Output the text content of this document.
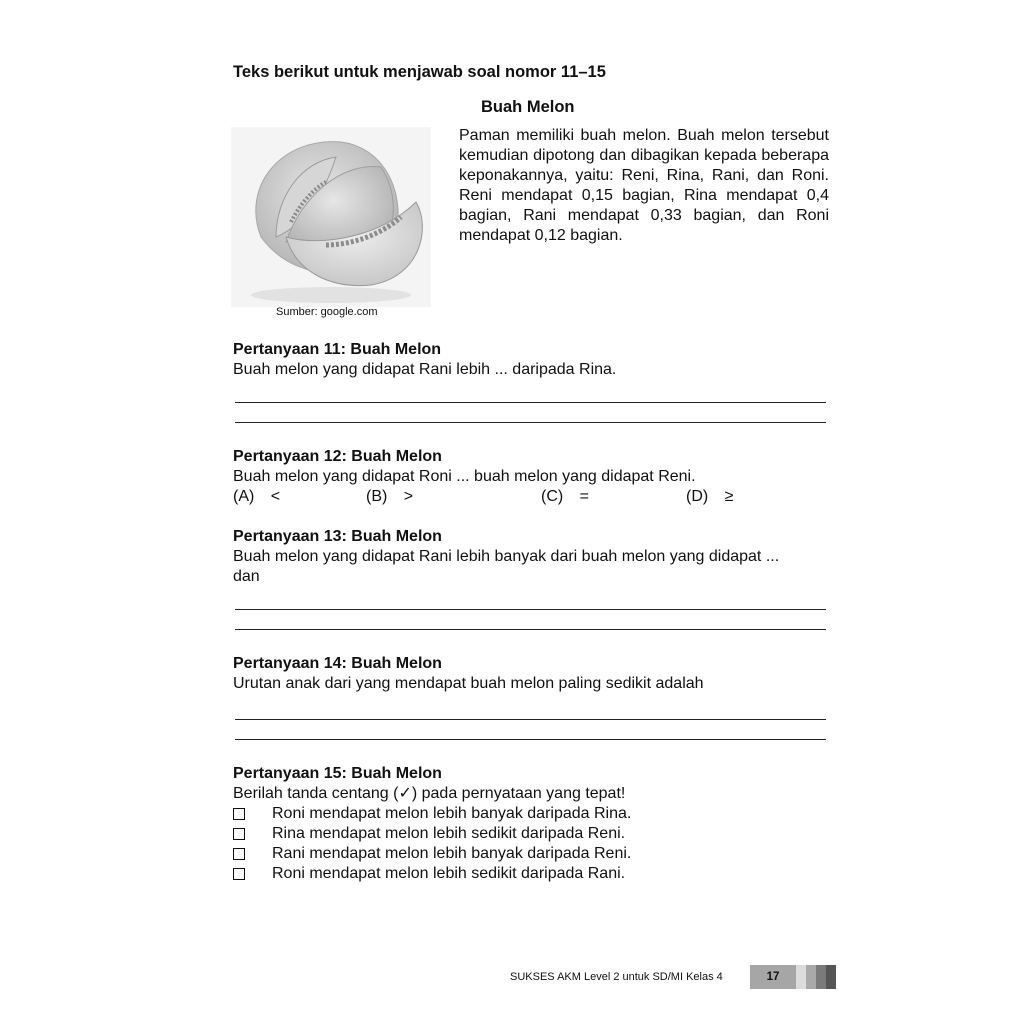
Teks berikut untuk menjawab soal nomor 11–15
Buah Melon
Sumber: google.com
Paman memiliki buah melon. Buah melon tersebut kemudian dipotong dan dibagikan kepada beberapa keponakannya, yaitu: Reni, Rina, Rani, dan Roni. Reni mendapat 0,15 bagian, Rina mendapat 0,4 bagian, Rani mendapat 0,33 bagian, dan Roni mendapat 0,12 bagian.
Pertanyaan 11: Buah Melon
Buah melon yang didapat Rani lebih ... daripada Rina.
Pertanyaan 12: Buah Melon
Buah melon yang didapat Roni ... buah melon yang didapat Reni.
(A) <	(B) >	(C) =	(D) ≥
Pertanyaan 13: Buah Melon
Buah melon yang didapat Rani lebih banyak dari buah melon yang didapat ...
dan
Pertanyaan 14: Buah Melon
Urutan anak dari yang mendapat buah melon paling sedikit adalah
Pertanyaan 15: Buah Melon
Berilah tanda centang (✓) pada pernyataan yang tepat!
Roni mendapat melon lebih banyak daripada Rina.
Rina mendapat melon lebih sedikit daripada Reni.
Rani mendapat melon lebih banyak daripada Reni.
Roni mendapat melon lebih sedikit daripada Rani.
SUKSES AKM Level 2 untuk SD/MI Kelas 4	17
